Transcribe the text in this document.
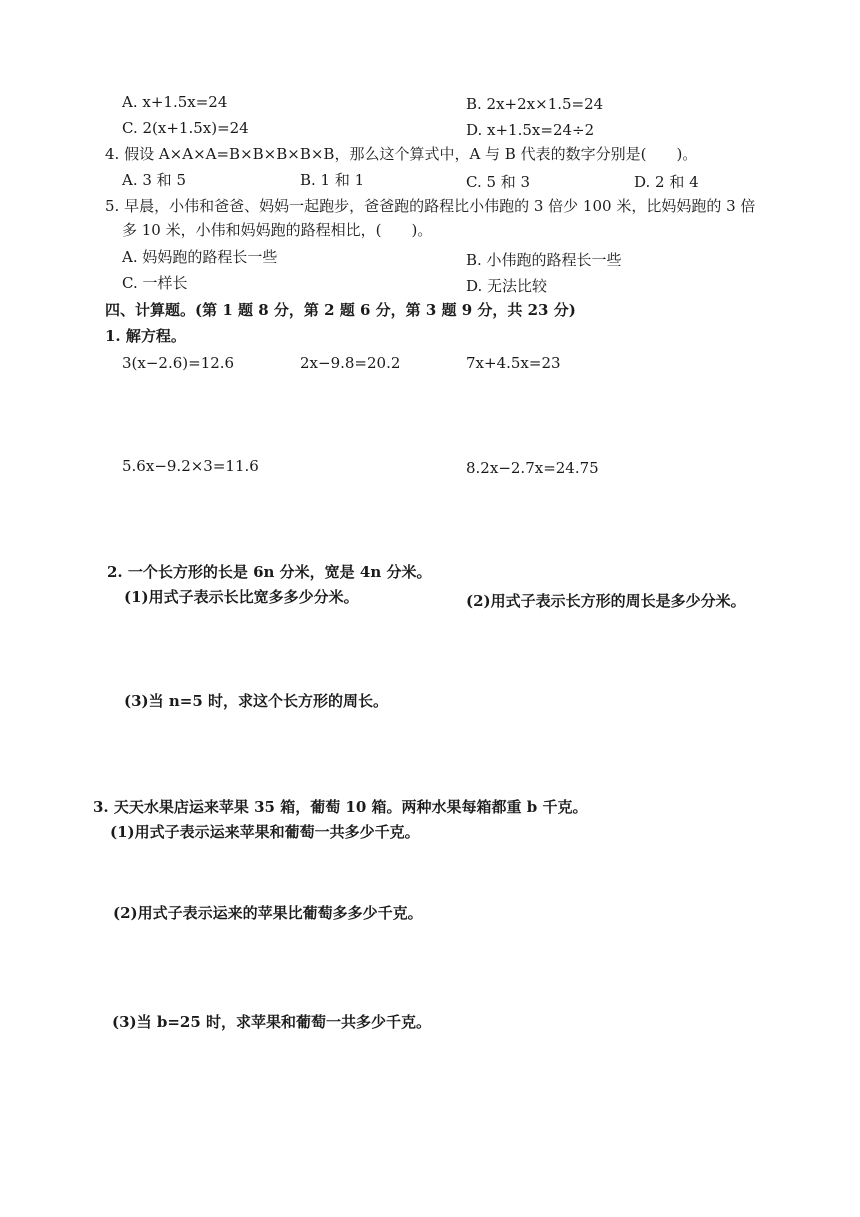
A. x+1.5x=24	B. 2x+2x×1.5=24
C. 2(x+1.5x)=24	D. x+1.5x=24÷2
4. 假设 A×A×A=B×B×B×B×B，那么这个算式中，A 与 B 代表的数字分别是(　　)。
A. 3 和 5	B. 1 和 1	C. 5 和 3	D. 2 和 4
5. 早晨，小伟和爸爸、妈妈一起跑步，爸爸跑的路程比小伟跑的 3 倍少 100 米，比妈妈跑的 3 倍
多 10 米，小伟和妈妈跑的路程相比，(　　)。
A. 妈妈跑的路程长一些	B. 小伟跑的路程长一些
C. 一样长	D. 无法比较
四、计算题。(第 1 题 8 分，第 2 题 6 分，第 3 题 9 分，共 23 分)
1. 解方程。
3(x−2.6)=12.6	2x−9.8=20.2	7x+4.5x=23
5.6x−9.2×3=11.6	8.2x−2.7x=24.75
2. 一个长方形的长是 6n 分米，宽是 4n 分米。
(1)用式子表示长比宽多多少分米。	(2)用式子表示长方形的周长是多少分米。
(3)当 n=5 时，求这个长方形的周长。
3. 天天水果店运来苹果 35 箱，葡萄 10 箱。两种水果每箱都重 b 千克。
(1)用式子表示运来苹果和葡萄一共多少千克。
(2)用式子表示运来的苹果比葡萄多多少千克。
(3)当 b=25 时，求苹果和葡萄一共多少千克。
